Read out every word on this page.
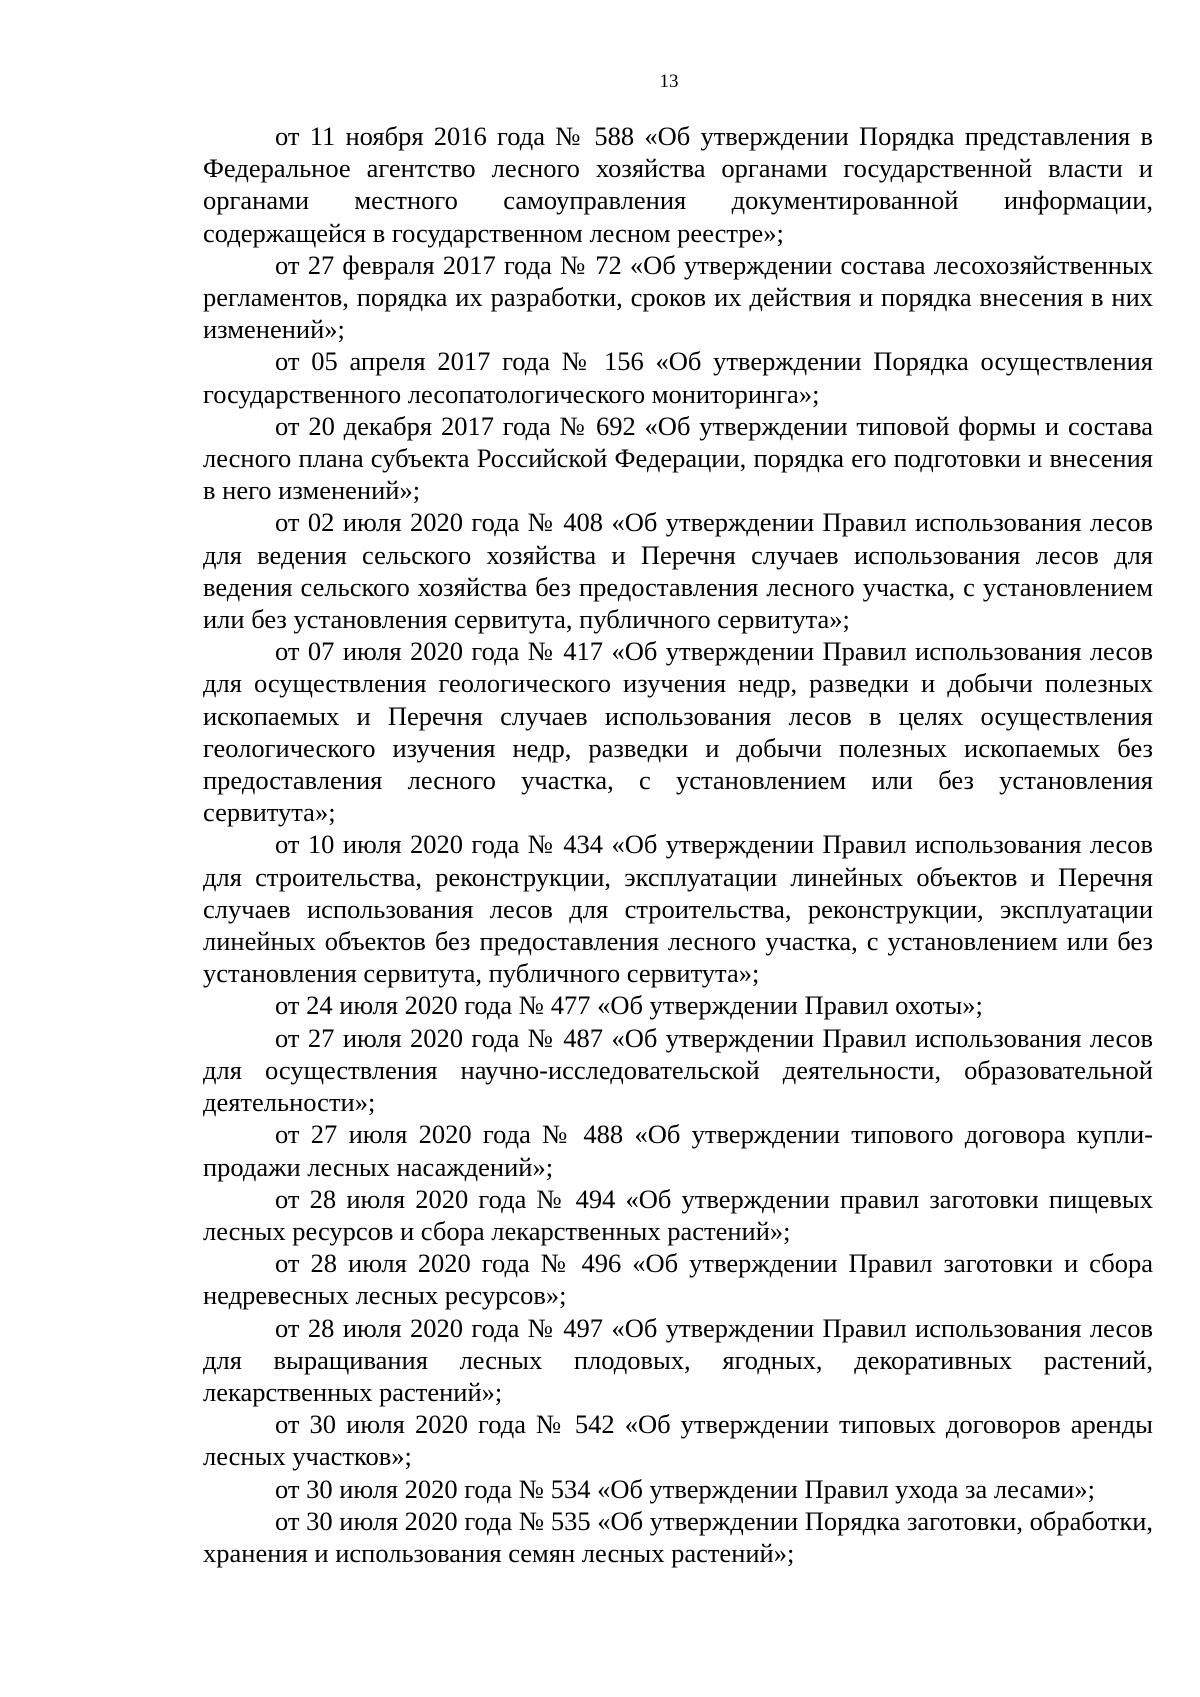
13

от 11 ноября 2016 года № 588 «Об утверждении Порядка представления в Федеральное агентство лесного хозяйства органами государственной власти и органами местного самоуправления документированной информации, содержащейся в государственном лесном реестре»;

от 27 февраля 2017 года № 72 «Об утверждении состава лесохозяйственных регламентов, порядка их разработки, сроков их действия и порядка внесения в них изменений»;

от 05 апреля 2017 года № 156 «Об утверждении Порядка осуществления государственного лесопатологического мониторинга»;

от 20 декабря 2017 года № 692 «Об утверждении типовой формы и состава лесного плана субъекта Российской Федерации, порядка его подготовки и внесения в него изменений»;

от 02 июля 2020 года № 408 «Об утверждении Правил использования лесов для ведения сельского хозяйства и Перечня случаев использования лесов для ведения сельского хозяйства без предоставления лесного участка, с установлением или без установления сервитута, публичного сервитута»;

от 07 июля 2020 года № 417 «Об утверждении Правил использования лесов для осуществления геологического изучения недр, разведки и добычи полезных ископаемых и Перечня случаев использования лесов в целях осуществления геологического изучения недр, разведки и добычи полезных ископаемых без предоставления лесного участка, с установлением или без установления сервитута»;

от 10 июля 2020 года № 434 «Об утверждении Правил использования лесов для строительства, реконструкции, эксплуатации линейных объектов и Перечня случаев использования лесов для строительства, реконструкции, эксплуатации линейных объектов без предоставления лесного участка, с установлением или без установления сервитута, публичного сервитута»;

от 24 июля 2020 года № 477 «Об утверждении Правил охоты»;

от 27 июля 2020 года № 487 «Об утверждении Правил использования лесов для осуществления научно-исследовательской деятельности, образовательной деятельности»;

от 27 июля 2020 года № 488 «Об утверждении типового договора купли-продажи лесных насаждений»;

от 28 июля 2020 года № 494 «Об утверждении правил заготовки пищевых лесных ресурсов и сбора лекарственных растений»;

от 28 июля 2020 года № 496 «Об утверждении Правил заготовки и сбора недревесных лесных ресурсов»;

от 28 июля 2020 года № 497 «Об утверждении Правил использования лесов для выращивания лесных плодовых, ягодных, декоративных растений, лекарственных растений»;

от 30 июля 2020 года № 542 «Об утверждении типовых договоров аренды лесных участков»;

от 30 июля 2020 года № 534 «Об утверждении Правил ухода за лесами»;

от 30 июля 2020 года № 535 «Об утверждении Порядка заготовки, обработки, хранения и использования семян лесных растений»;
